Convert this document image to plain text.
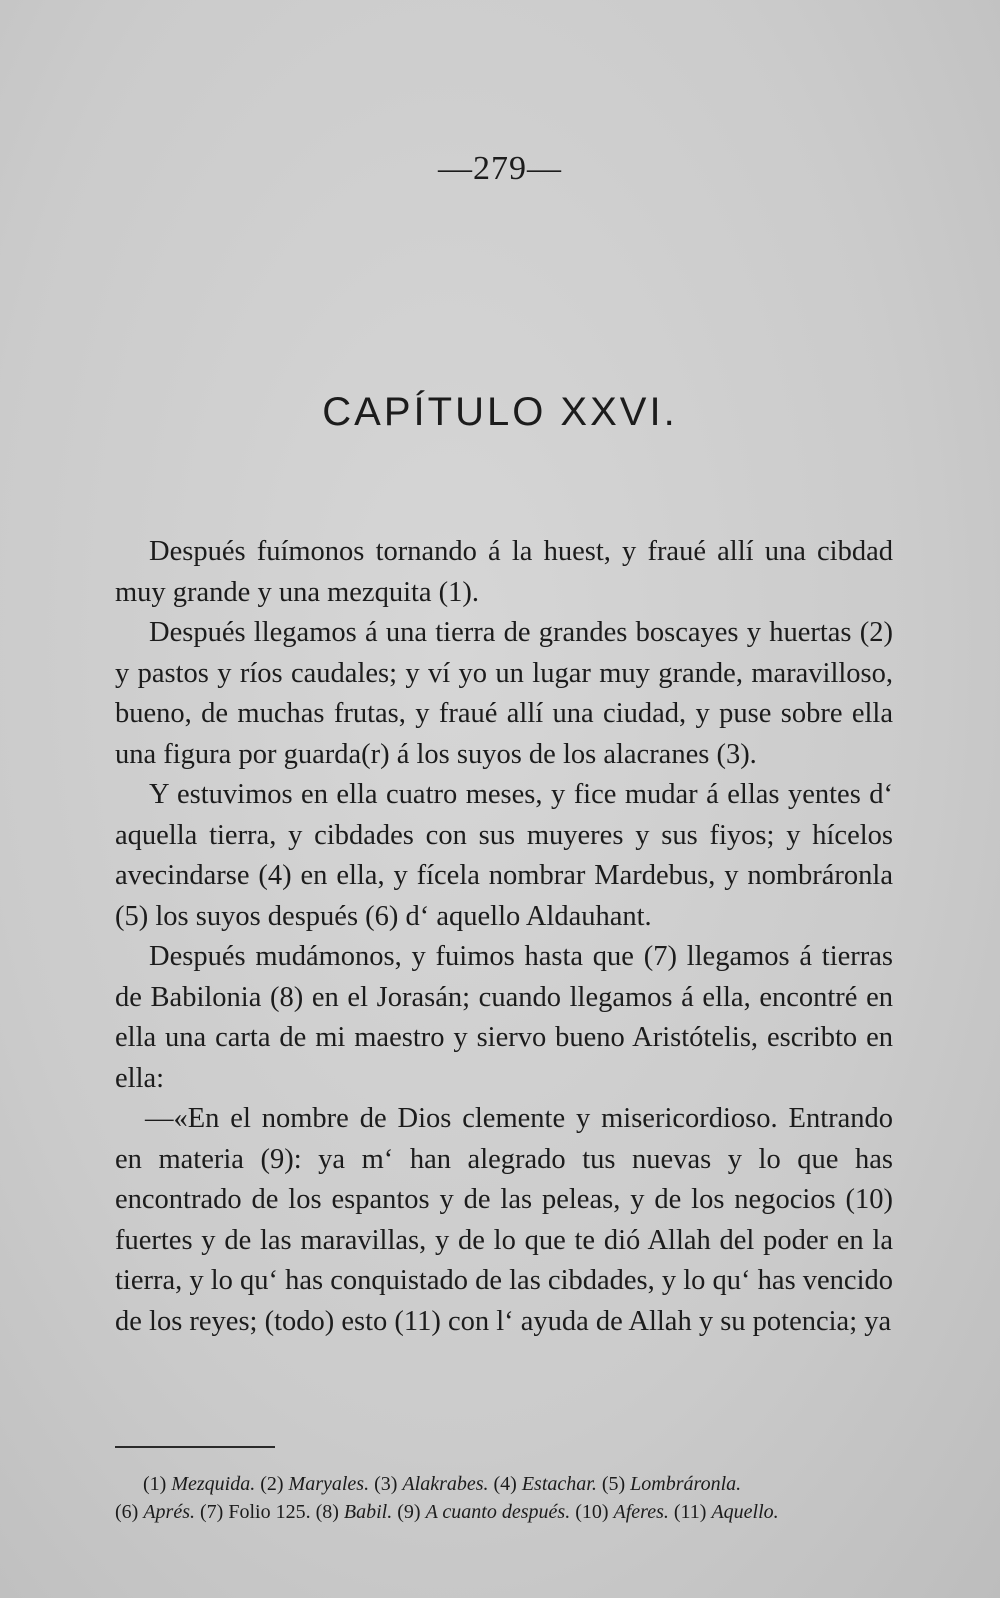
—279—
CAPÍTULO XXVI.

Después fuímonos tornando á la huest, y fraué allí una cibdad muy grande y una mezquita (1).

Después llegamos á una tierra de grandes boscayes y huertas (2) y pastos y ríos caudales; y ví yo un lugar muy grande, maravilloso, bueno, de muchas frutas, y fraué allí una ciudad, y puse sobre ella una figura por guarda(r) á los suyos de los alacranes (3).

Y estuvimos en ella cuatro meses, y fice mudar á ellas yentes d‘ aquella tierra, y cibdades con sus muyeres y sus fiyos; y hícelos avecindarse (4) en ella, y fícela nombrar Mardebus, y nombráronla (5) los suyos después (6) d‘ aquello Aldauhant.

Después mudámonos, y fuimos hasta que (7) llegamos á tierras de Babilonia (8) en el Jorasán; cuando llegamos á ella, encontré en ella una carta de mi maestro y siervo bueno Aristótelis, escribto en ella:

—«En el nombre de Dios clemente y misericordioso. Entrando en materia (9): ya m‘ han alegrado tus nuevas y lo que has encontrado de los espantos y de las peleas, y de los negocios (10) fuertes y de las maravillas, y de lo que te dió Allah del poder en la tierra, y lo qu‘ has conquistado de las cibdades, y lo qu‘ has vencido de los reyes; (todo) esto (11) con l‘ ayuda de Allah y su potencia; ya

(1) Mezquida. (2) Maryales. (3) Alakrabes. (4) Estachar. (5) Lombráronla.

(6) Aprés. (7) Folio 125. (8) Babil. (9) A cuanto después. (10) Aferes. (11) Aquello.
